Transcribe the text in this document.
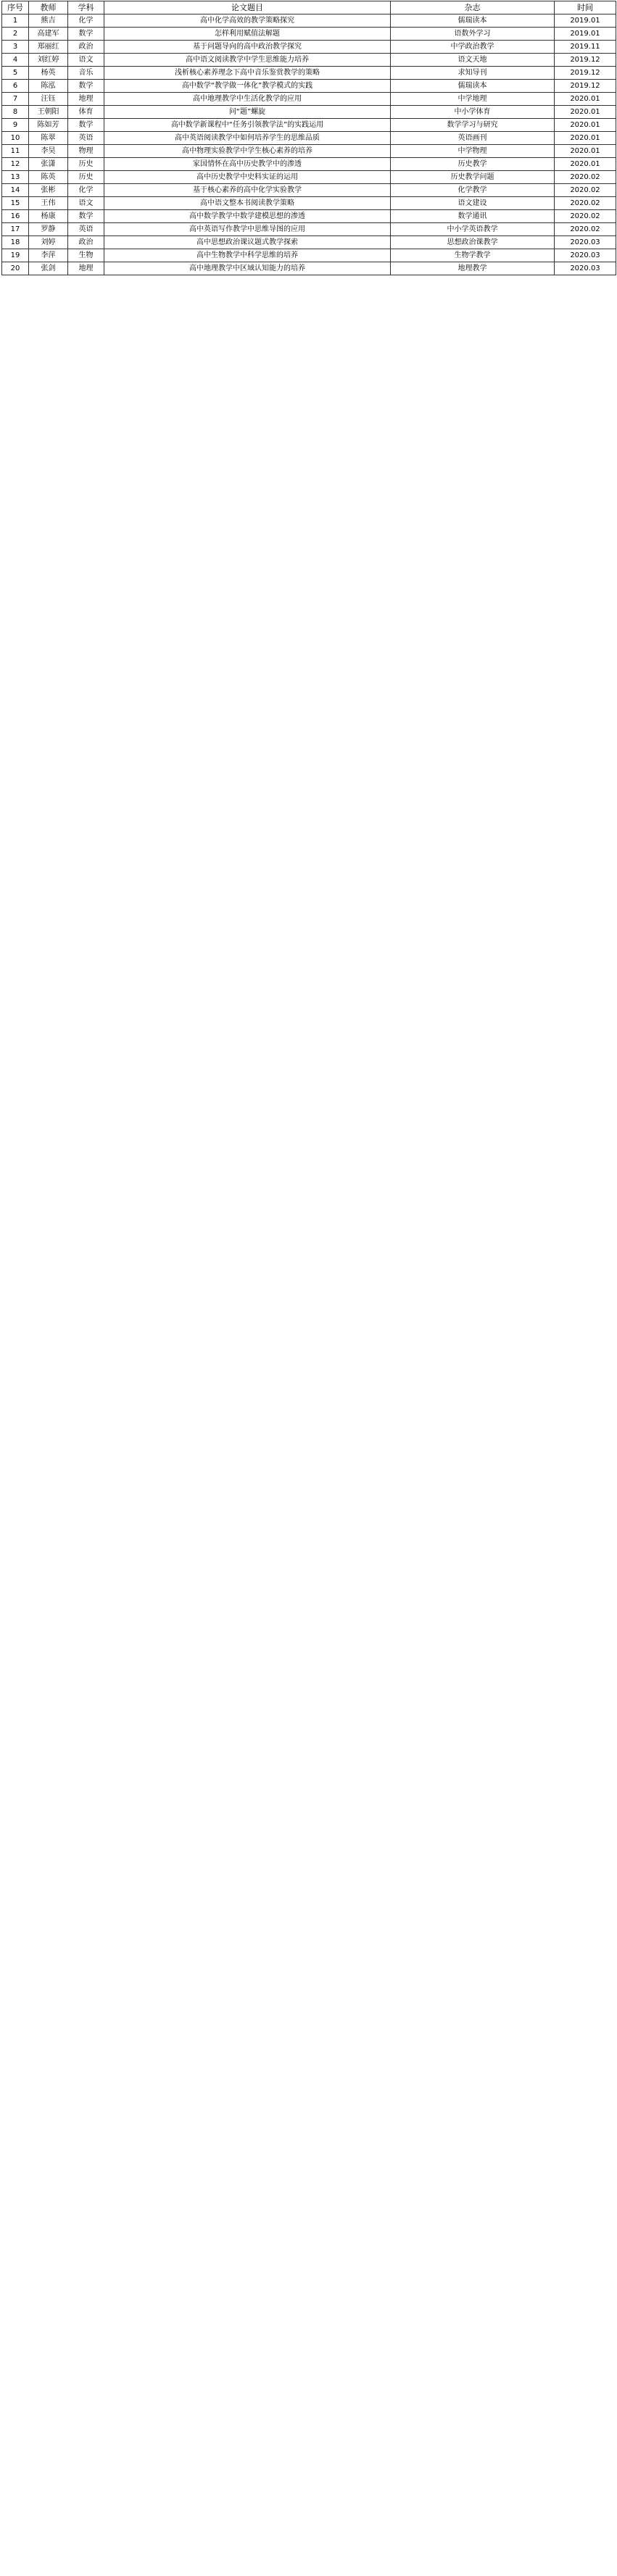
序号	教师	学科	论文题目	杂志	时间
1	熊吉	化学	高中化学高效的教学策略探究	儒瑞读本	2019.01
2	高建军	数学	怎样利用赋值法解题	语数外学习	2019.01
3	郑丽红	政治	基于问题导向的高中政治教学探究	中学政治教学	2019.11
4	刘红婷	语文	高中语文阅读教学中学生思维能力培养	语文天地	2019.12
5	杨英	音乐	浅析核心素养理念下高中音乐鉴赏教学的策略	求知导刊	2019.12
6	陈泓	数学	高中数学“教学做一体化”教学模式的实践	儒瑞读本	2019.12
7	汪钰	地理	高中地理教学中生活化教学的应用	中学地理	2020.01
8	王朝阳	体育	问“题”螺旋	中小学体育	2020.01
9	陈如芳	数学	高中数学新课程中“任务引领教学法”的实践运用	数学学习与研究	2020.01
10	陈翠	英语	高中英语阅读教学中如何培养学生的思维品质	英语画刊	2020.01
11	李昊	物理	高中物理实验教学中学生核心素养的培养	中学物理	2020.01
12	张潇	历史	家国情怀在高中历史教学中的渗透	历史教学	2020.01
13	陈英	历史	高中历史教学中史料实证的运用	历史教学问题	2020.02
14	张彬	化学	基于核心素养的高中化学实验教学	化学教学	2020.02
15	王伟	语文	高中语文整本书阅读教学策略	语文建设	2020.02
16	杨康	数学	高中数学教学中数学建模思想的渗透	数学通讯	2020.02
17	罗静	英语	高中英语写作教学中思维导图的应用	中小学英语教学	2020.02
18	刘婷	政治	高中思想政治课议题式教学探索	思想政治课教学	2020.03
19	李萍	生物	高中生物教学中科学思维的培养	生物学教学	2020.03
20	张剑	地理	高中地理教学中区域认知能力的培养	地理教学	2020.03
